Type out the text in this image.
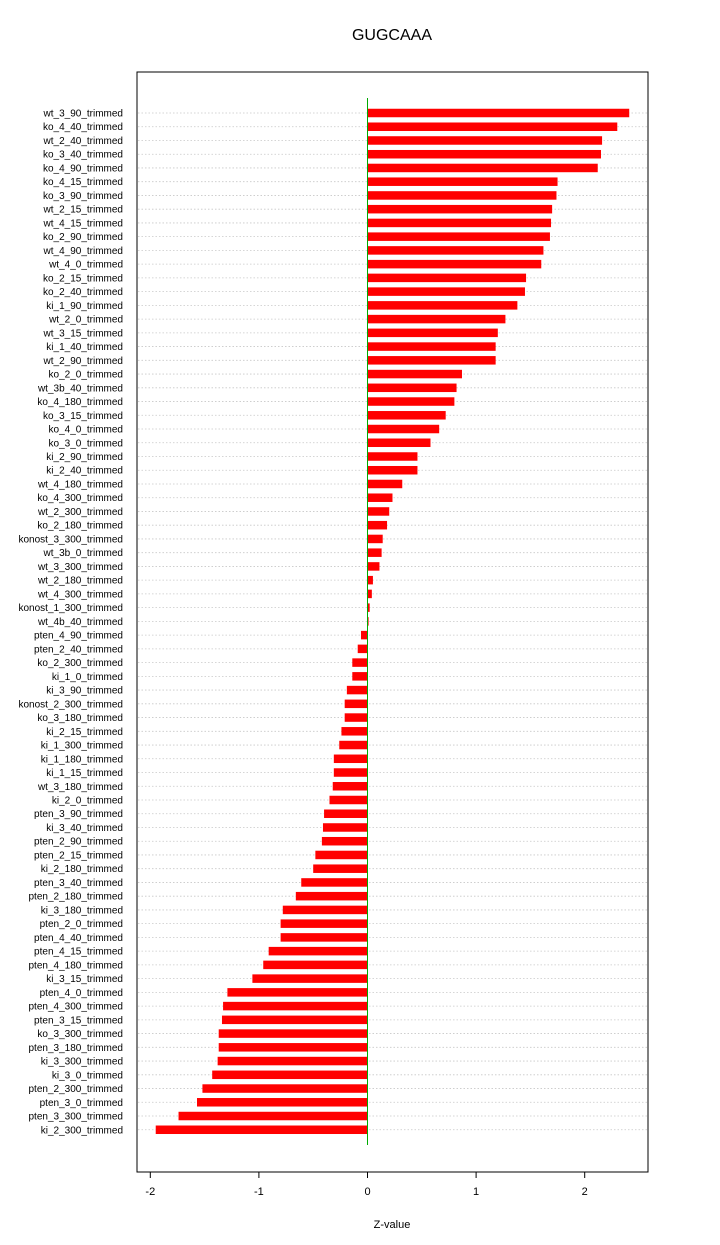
GUGCAAA
wt_3_90_trimmed
ko_4_40_trimmed
wt_2_40_trimmed
ko_3_40_trimmed
ko_4_90_trimmed
ko_4_15_trimmed
ko_3_90_trimmed
wt_2_15_trimmed
wt_4_15_trimmed
ko_2_90_trimmed
wt_4_90_trimmed
wt_4_0_trimmed
ko_2_15_trimmed
ko_2_40_trimmed
ki_1_90_trimmed
wt_2_0_trimmed
wt_3_15_trimmed
ki_1_40_trimmed
wt_2_90_trimmed
ko_2_0_trimmed
wt_3b_40_trimmed
ko_4_180_trimmed
ko_3_15_trimmed
ko_4_0_trimmed
ko_3_0_trimmed
ki_2_90_trimmed
ki_2_40_trimmed
wt_4_180_trimmed
ko_4_300_trimmed
wt_2_300_trimmed
ko_2_180_trimmed
konost_3_300_trimmed
wt_3b_0_trimmed
wt_3_300_trimmed
wt_2_180_trimmed
wt_4_300_trimmed
konost_1_300_trimmed
wt_4b_40_trimmed
pten_4_90_trimmed
pten_2_40_trimmed
ko_2_300_trimmed
ki_1_0_trimmed
ki_3_90_trimmed
konost_2_300_trimmed
ko_3_180_trimmed
ki_2_15_trimmed
ki_1_300_trimmed
ki_1_180_trimmed
ki_1_15_trimmed
wt_3_180_trimmed
ki_2_0_trimmed
pten_3_90_trimmed
ki_3_40_trimmed
pten_2_90_trimmed
pten_2_15_trimmed
ki_2_180_trimmed
pten_3_40_trimmed
pten_2_180_trimmed
ki_3_180_trimmed
pten_2_0_trimmed
pten_4_40_trimmed
pten_4_15_trimmed
pten_4_180_trimmed
ki_3_15_trimmed
pten_4_0_trimmed
pten_4_300_trimmed
pten_3_15_trimmed
ko_3_300_trimmed
pten_3_180_trimmed
ki_3_300_trimmed
ki_3_0_trimmed
pten_2_300_trimmed
pten_3_0_trimmed
pten_3_300_trimmed
ki_2_300_trimmed
-2	-1	0	1	2
Z-value
